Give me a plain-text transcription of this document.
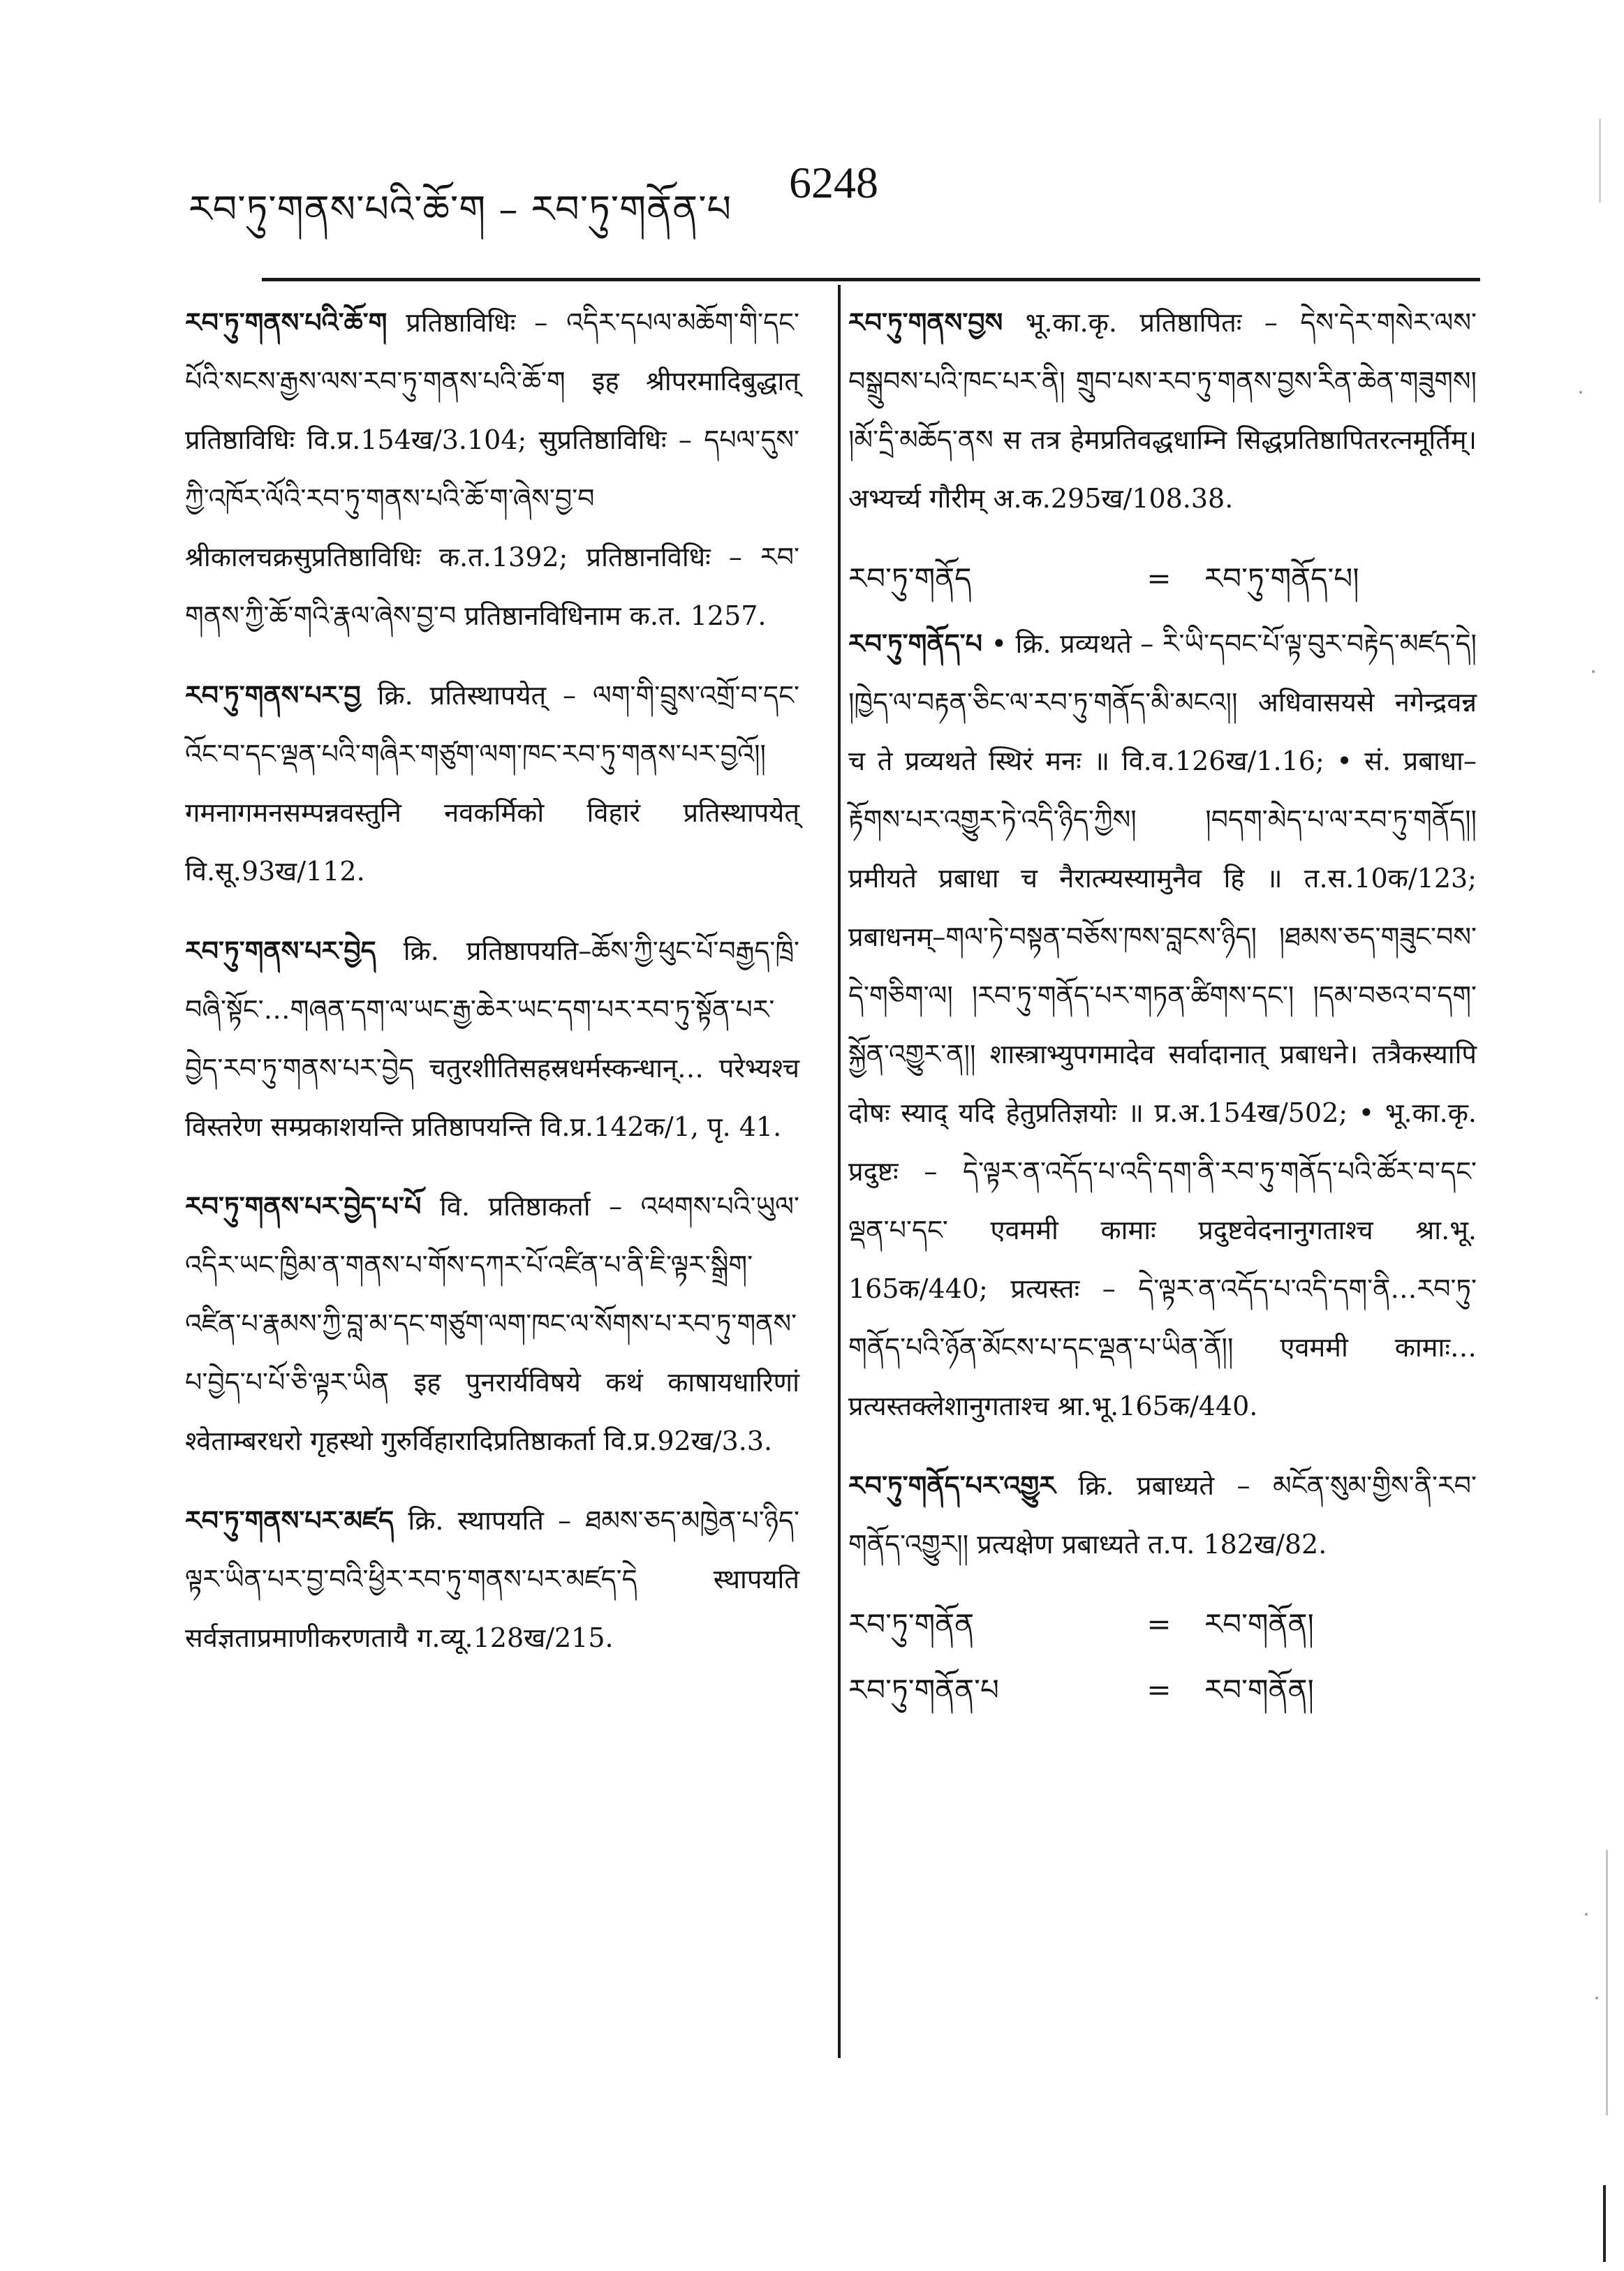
རབ་ཏུ་གནས་པའི་ཆོ་ག – རབ་ཏུ་གནོན་པ
6248

རབ་ཏུ་གནས་པའི་ཆོ་ག प्रतिष्ठाविधिः – འདིར་དཔལ་མཆོག་གི་དང་པོའི་སངས་རྒྱས་ལས་རབ་ཏུ་གནས་པའི་ཆོ་ག इह श्रीपरमादिबुद्धात् प्रतिष्ठाविधिः वि.प्र.154ख/3.104; सुप्रतिष्ठाविधिः – དཔལ་དུས་ཀྱི་འཁོར་ལོའི་རབ་ཏུ་གནས་པའི་ཆོ་ག་ཞེས་བྱ་བ श्रीकालचक्रसुप्रतिष्ठाविधिः क.त.1392; प्रतिष्ठानविधिः – རབ་གནས་ཀྱི་ཆོ་གའི་རྣལ་ཞེས་བྱ་བ प्रतिष्ठानविधिनाम क.त. 1257.

རབ་ཏུ་གནས་པར་བྱ क्रि. प्रतिस्थापयेत् – ལག་གི་བྲུས་འགྲོ་བ་དང་འོང་བ་དང་ལྡན་པའི་གཞིར་གཙུག་ལག་ཁང་རབ་ཏུ་གནས་པར་བྱའོ།། गमनागमनसम्पन्नवस्तुनि नवकर्मिको विहारं प्रतिस्थापयेत् वि.सू.93ख/112.

རབ་ཏུ་གནས་པར་བྱེད क्रि. प्रतिष्ठापयति–ཆོས་ཀྱི་ཕུང་པོ་བརྒྱད་ཁྲི་བཞི་སྟོང་…གཞན་དག་ལ་ཡང་རྒྱ་ཆེར་ཡང་དག་པར་རབ་ཏུ་སྟོན་པར་བྱེད་རབ་ཏུ་གནས་པར་བྱེད चतुरशीतिसहस्रधर्मस्कन्धान्… परेभ्यश्च विस्तरेण सम्प्रकाशयन्ति प्रतिष्ठापयन्ति वि.प्र.142क/1, पृ. 41.

རབ་ཏུ་གནས་པར་བྱེད་པ་པོ वि. प्रतिष्ठाकर्ता – འཕགས་པའི་ཡུལ་འདིར་ཡང་ཁྱིམ་ན་གནས་པ་གོས་དཀར་པོ་འཛིན་པ་ནི་ཇི་ལྟར་སྒྲིག་འཛིན་པ་རྣམས་ཀྱི་བླ་མ་དང་གཙུག་ལག་ཁང་ལ་སོགས་པ་རབ་ཏུ་གནས་པ་བྱེད་པ་པོ་ཅི་ལྟར་ཡིན इह पुनरार्यविषये कथं काषायधारिणां श्वेताम्बरधरो गृहस्थो गुरुर्विहारादिप्रतिष्ठाकर्ता वि.प्र.92ख/3.3.

རབ་ཏུ་གནས་པར་མཛད क्रि. स्थापयति – ཐམས་ཅད་མཁྱེན་པ་ཉིད་ལྟར་ཡིན་པར་བྱ་བའི་ཕྱིར་རབ་ཏུ་གནས་པར་མཛད་དེ स्थापयति सर्वज्ञताप्रमाणीकरणतायै ग.व्यू.128ख/215.

རབ་ཏུ་གནས་བྱས भू.का.कृ. प्रतिष्ठापितः – དེས་དེར་གསེར་ལས་བསྒྲུབས་པའི་ཁང་པར་ནི། གྲུབ་པས་རབ་ཏུ་གནས་བྱས་རིན་ཆེན་གཟུགས། །མོ་དྲི་མཆོད་ནས स तत्र हेमप्रतिवद्धधाम्नि सिद्धप्रतिष्ठापितरत्नमूर्तिम्। अभ्यर्च्य गौरीम् अ.क.295ख/108.38.

རབ་ཏུ་གནོད	=	རབ་ཏུ་གནོད་པ།

རབ་ཏུ་གནོད་པ • क्रि. प्रव्यथते – རི་ཡི་དབང་པོ་ལྟ་བུར་བརྟེད་མཛད་དེ། །ཁྱེད་ལ་བརྟན་ཅིང་ལ་རབ་ཏུ་གནོད་མི་མངའ།། अधिवासयसे नगेन्द्रवन्न च ते प्रव्यथते स्थिरं मनः ॥ वि.व.126ख/1.16; • सं. प्रबाधा–རྟོགས་པར་འགྱུར་ཏེ་འདི་ཉིད་ཀྱིས། །བདག་མེད་པ་ལ་རབ་ཏུ་གནོད།། प्रमीयते प्रबाधा च नैरात्म्यस्यामुनैव हि ॥ त.स.10क/123; प्रबाधनम्–གལ་ཏེ་བསྟན་བཅོས་ཁས་བླངས་ཉིད། །ཐམས་ཅད་གཟུང་བས་དེ་གཅིག་ལ། །རབ་ཏུ་གནོད་པར་གཏན་ཚིགས་དང་། །དམ་བཅའ་བ་དག་སྐྱོན་འགྱུར་ན།། शास्त्राभ्युपगमादेव सर्वादानात् प्रबाधने। तत्रैकस्यापि दोषः स्याद् यदि हेतुप्रतिज्ञयोः ॥ प्र.अ.154ख/502; • भू.का.कृ. प्रदुष्टः – དེ་ལྟར་ན་འདོད་པ་འདི་དག་ནི་རབ་ཏུ་གནོད་པའི་ཚོར་བ་དང་ལྡན་པ་དང་ एवममी कामाः प्रदुष्टवेदनानुगताश्च श्रा.भू. 165क/440; प्रत्यस्तः – དེ་ལྟར་ན་འདོད་པ་འདི་དག་ནི…རབ་ཏུ་གནོད་པའི་ཉོན་མོངས་པ་དང་ལྡན་པ་ཡིན་ནོ།། एवममी कामाः… प्रत्यस्तक्लेशानुगताश्च श्रा.भू.165क/440.

རབ་ཏུ་གནོད་པར་འགྱུར क्रि. प्रबाध्यते – མངོན་སུམ་གྱིས་ནི་རབ་གནོད་འགྱུར།། प्रत्यक्षेण प्रबाध्यते त.प. 182ख/82.

རབ་ཏུ་གནོན	=	རབ་གནོན།
རབ་ཏུ་གནོན་པ	=	རབ་གནོན།
